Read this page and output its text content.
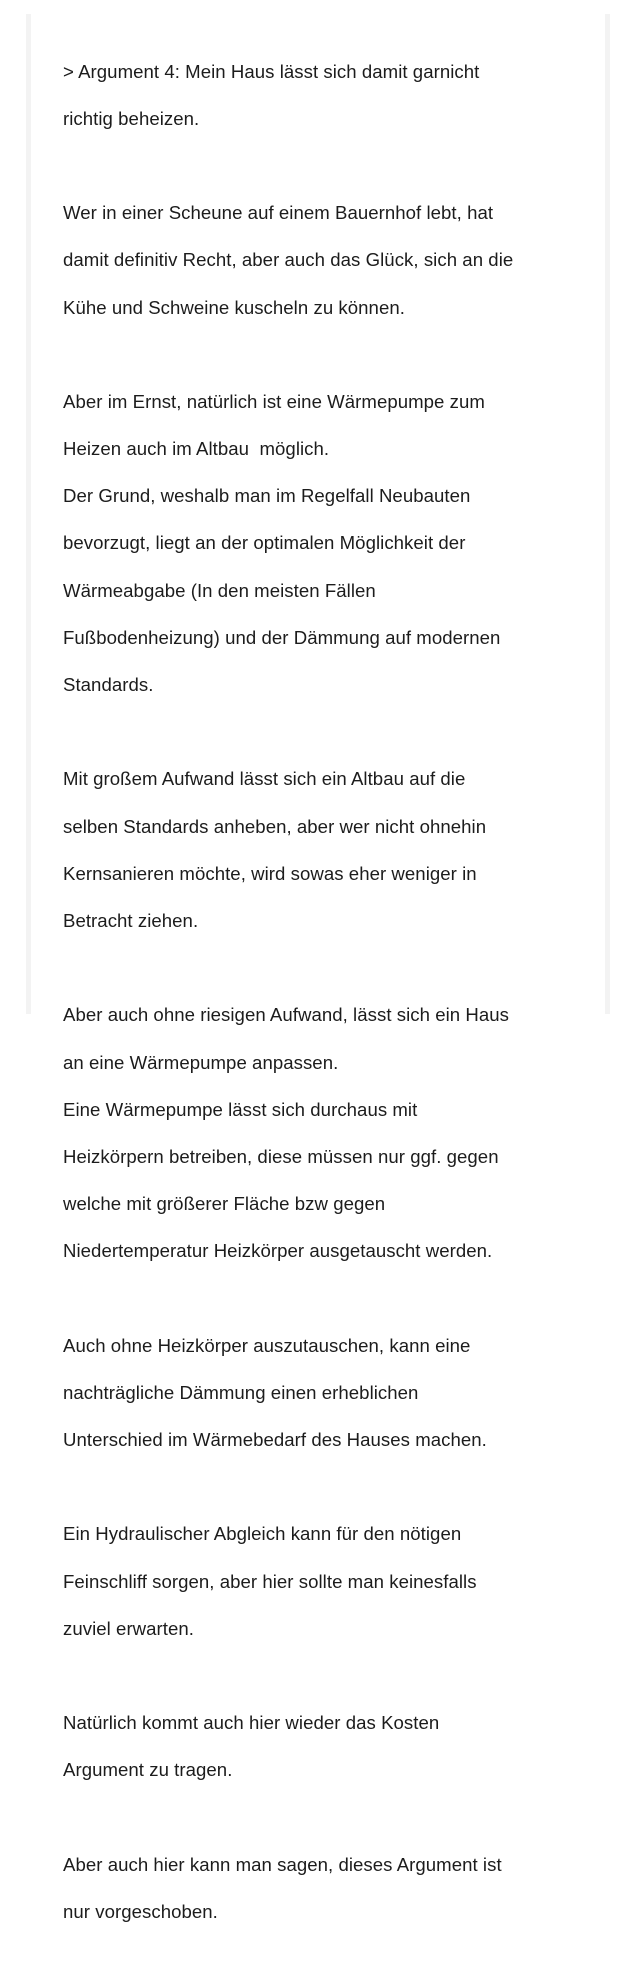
> Argument 4: Mein Haus lässt sich damit garnicht

richtig beheizen.

Wer in einer Scheune auf einem Bauernhof lebt, hat

damit definitiv Recht, aber auch das Glück, sich an die

Kühe und Schweine kuscheln zu können.

Aber im Ernst, natürlich ist eine Wärmepumpe zum

Heizen auch im Altbau  möglich.

Der Grund, weshalb man im Regelfall Neubauten

bevorzugt, liegt an der optimalen Möglichkeit der

Wärmeabgabe (In den meisten Fällen

Fußbodenheizung) und der Dämmung auf modernen

Standards.

Mit großem Aufwand lässt sich ein Altbau auf die

selben Standards anheben, aber wer nicht ohnehin

Kernsanieren möchte, wird sowas eher weniger in

Betracht ziehen.

Aber auch ohne riesigen Aufwand, lässt sich ein Haus

an eine Wärmepumpe anpassen.

Eine Wärmepumpe lässt sich durchaus mit

Heizkörpern betreiben, diese müssen nur ggf. gegen

welche mit größerer Fläche bzw gegen

Niedertemperatur Heizkörper ausgetauscht werden.

Auch ohne Heizkörper auszutauschen, kann eine

nachträgliche Dämmung einen erheblichen

Unterschied im Wärmebedarf des Hauses machen.

Ein Hydraulischer Abgleich kann für den nötigen

Feinschliff sorgen, aber hier sollte man keinesfalls

zuviel erwarten.

Natürlich kommt auch hier wieder das Kosten

Argument zu tragen.

Aber auch hier kann man sagen, dieses Argument ist

nur vorgeschoben.
